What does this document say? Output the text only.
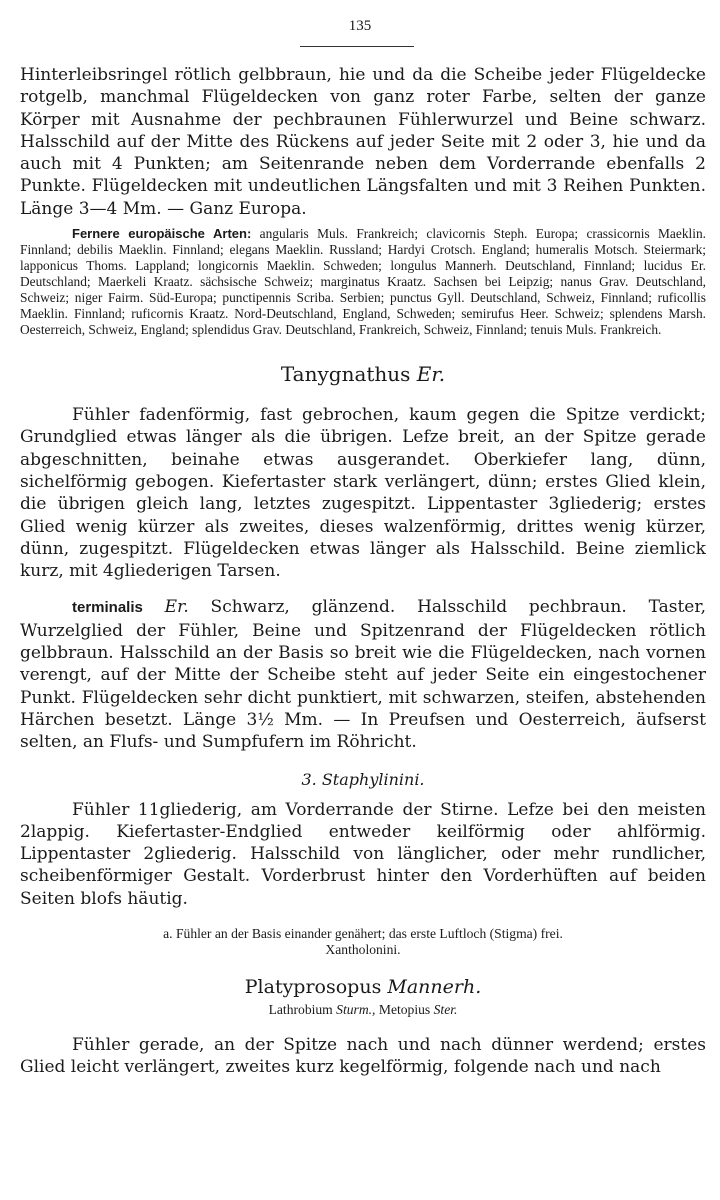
135

Hinterleibsringel rötlich gelbbraun, hie und da die Scheibe jeder Flügeldecke rotgelb, manchmal Flügeldecken von ganz roter Farbe, selten der ganze Körper mit Ausnahme der pechbraunen Fühlerwurzel und Beine schwarz. Halsschild auf der Mitte des Rückens auf jeder Seite mit 2 oder 3, hie und da auch mit 4 Punkten; am Seitenrande neben dem Vorderrande ebenfalls 2 Punkte. Flügeldecken mit undeutlichen Längsfalten und mit 3 Reihen Punkten. Länge 3—4 Mm. — Ganz Europa.

Fernere europäische Arten: angularis Muls. Frankreich; clavicornis Steph. Europa; crassicornis Maeklin. Finnland; debilis Maeklin. Finnland; elegans Maeklin. Russland; Hardyi Crotsch. England; humeralis Motsch. Steiermark; lapponicus Thoms. Lappland; longicornis Maeklin. Schweden; longulus Mannerh. Deutschland, Finnland; lucidus Er. Deutschland; Maerkeli Kraatz. sächsische Schweiz; marginatus Kraatz. Sachsen bei Leipzig; nanus Grav. Deutschland, Schweiz; niger Fairm. Süd-Europa; punctipennis Scriba. Serbien; punctus Gyll. Deutschland, Schweiz, Finnland; ruficollis Maeklin. Finnland; ruficornis Kraatz. Nord-Deutschland, England, Schweden; semirufus Heer. Schweiz; splendens Marsh. Oesterreich, Schweiz, England; splendidus Grav. Deutschland, Frankreich, Schweiz, Finnland; tenuis Muls. Frankreich.

Tanygnathus Er.

Fühler fadenförmig, fast gebrochen, kaum gegen die Spitze verdickt; Grundglied etwas länger als die übrigen. Lefze breit, an der Spitze gerade abgeschnitten, beinahe etwas ausgerandet. Oberkiefer lang, dünn, sichelförmig gebogen. Kiefertaster stark verlängert, dünn; erstes Glied klein, die übrigen gleich lang, letztes zugespitzt. Lippentaster 3gliederig; erstes Glied wenig kürzer als zweites, dieses walzenförmig, drittes wenig kürzer, dünn, zugespitzt. Flügeldecken etwas länger als Halsschild. Beine ziemlick kurz, mit 4gliederigen Tarsen.

terminalis Er. Schwarz, glänzend. Halsschild pechbraun. Taster, Wurzelglied der Fühler, Beine und Spitzenrand der Flügeldecken rötlich gelbbraun. Halsschild an der Basis so breit wie die Flügeldecken, nach vornen verengt, auf der Mitte der Scheibe steht auf jeder Seite ein eingestochener Punkt. Flügeldecken sehr dicht punktiert, mit schwarzen, steifen, abstehenden Härchen besetzt. Länge 3½ Mm. — In Preufsen und Oesterreich, äufserst selten, an Flufs- und Sumpfufern im Röhricht.

3. Staphylinini.

Fühler 11gliederig, am Vorderrande der Stirne. Lefze bei den meisten 2lappig. Kiefertaster-Endglied entweder keilförmig oder ahlförmig. Lippentaster 2gliederig. Halsschild von länglicher, oder mehr rundlicher, scheibenförmiger Gestalt. Vorderbrust hinter den Vorderhüften auf beiden Seiten blofs häutig.

a. Fühler an der Basis einander genähert; das erste Luftloch (Stigma) frei.
Xantholonini.
Platyprosopus Mannerh.
Lathrobium Sturm., Metopius Ster.

Fühler gerade, an der Spitze nach und nach dünner werdend; erstes Glied leicht verlängert, zweites kurz kegelförmig, folgende nach und nach
